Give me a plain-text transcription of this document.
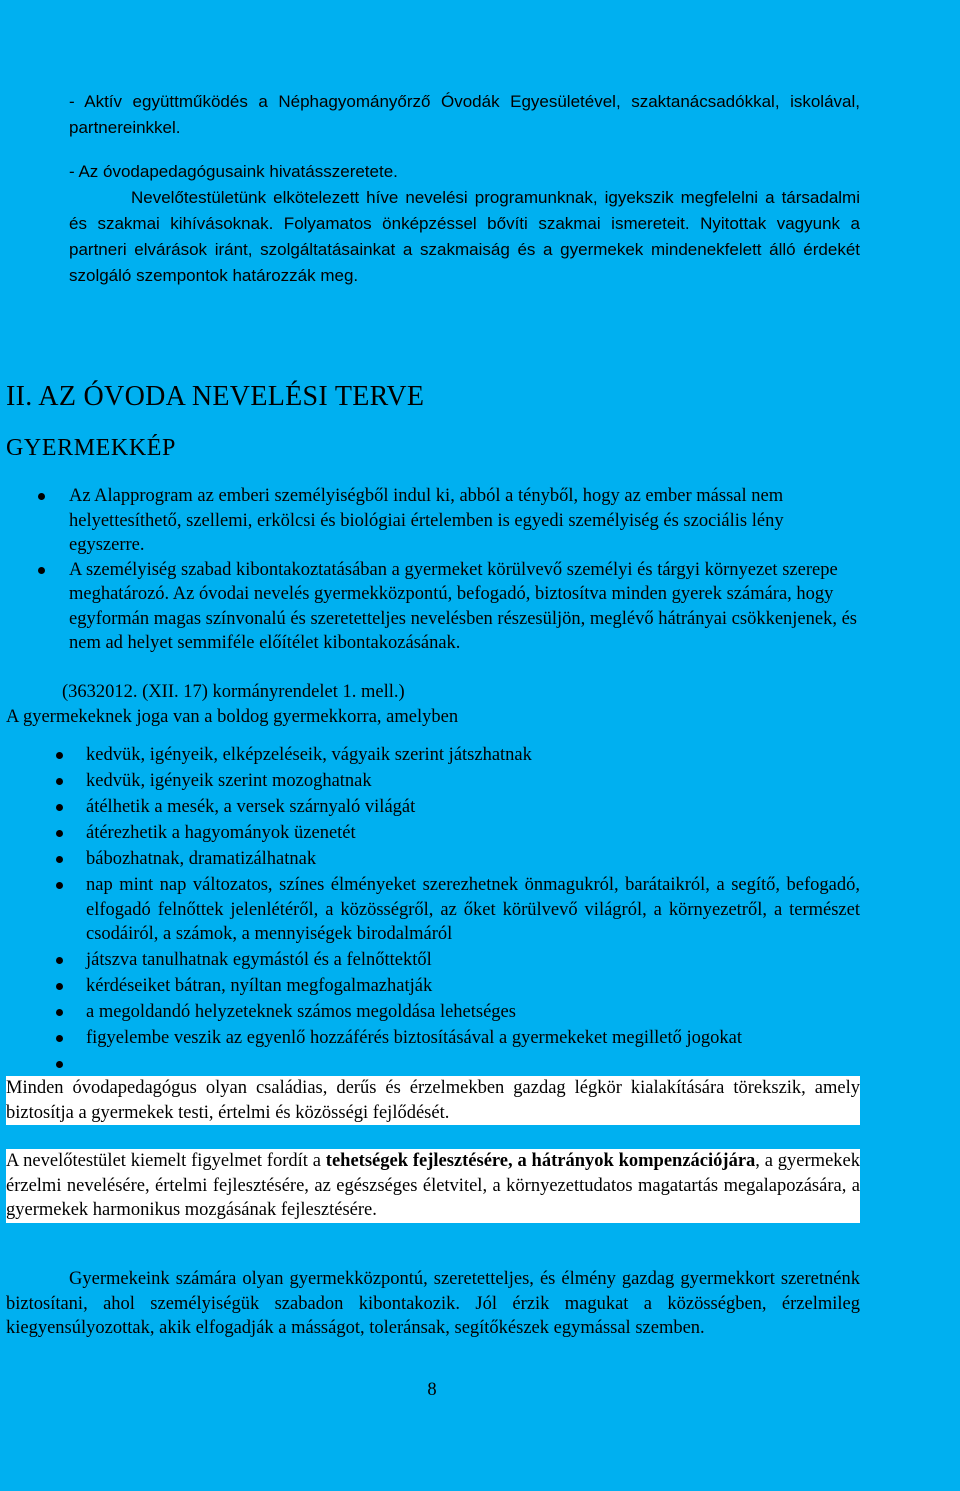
- Aktív együttműködés a Néphagyományőrző Óvodák Egyesületével, szaktanácsadókkal, iskolával, partnereinkkel.

- Az óvodapedagógusaink hivatásszeretete.

Nevelőtestületünk elkötelezett híve nevelési programunknak, igyekszik megfelelni a társadalmi és szakmai kihívásoknak. Folyamatos önképzéssel bővíti szakmai ismereteit. Nyitottak vagyunk a partneri elvárások iránt, szolgáltatásainkat a szakmaiság és a gyermekek mindenekfelett álló érdekét szolgáló szempontok határozzák meg.

II. AZ ÓVODA NEVELÉSI TERVE
GYERMEKKÉP
Az Alapprogram az emberi személyiségből indul ki, abból a tényből, hogy az ember mással nem helyettesíthető, szellemi, erkölcsi és biológiai értelemben is egyedi személyiség és szociális lény egyszerre.
A személyiség szabad kibontakoztatásában a gyermeket körülvevő személyi és tárgyi környezet szerepe meghatározó. Az óvodai nevelés gyermekközpontú, befogadó, biztosítva minden gyerek számára, hogy egyformán magas színvonalú és szeretetteljes nevelésben részesüljön, meglévő hátrányai csökkenjenek, és nem ad helyet semmiféle előítélet kibontakozásának.
(3632012. (XII. 17) kormányrendelet 1. mell.)
A gyermekeknek joga van a boldog gyermekkorra, amelyben
kedvük, igényeik, elképzeléseik, vágyaik szerint játszhatnak
kedvük, igényeik szerint mozoghatnak
átélhetik a mesék, a versek szárnyaló világát
átérezhetik a hagyományok üzenetét
bábozhatnak, dramatizálhatnak
nap mint nap változatos, színes élményeket szerezhetnek önmagukról, barátaikról, a segítő, befogadó, elfogadó felnőttek jelenlétéről, a közösségről, az őket körülvevő világról, a környezetről, a természet csodáiról, a számok, a mennyiségek birodalmáról
játszva tanulhatnak egymástól és a felnőttektől
kérdéseiket bátran, nyíltan megfogalmazhatják
a megoldandó helyzeteknek számos megoldása lehetséges
figyelembe veszik az egyenlő hozzáférés biztosításával a gyermekeket megillető jogokat

Minden óvodapedagógus olyan családias, derűs és érzelmekben gazdag légkör kialakítására törekszik, amely biztosítja a gyermekek testi, értelmi és közösségi fejlődését.

A nevelőtestület kiemelt figyelmet fordít a tehetségek fejlesztésére, a hátrányok kompenzációjára, a gyermekek érzelmi nevelésére, értelmi fejlesztésére, az egészséges életvitel, a környezettudatos magatartás megalapozására, a gyermekek harmonikus mozgásának fejlesztésére.

Gyermekeink számára olyan gyermekközpontú, szeretetteljes, és élmény gazdag gyermekkort szeretnénk biztosítani, ahol személyiségük szabadon kibontakozik. Jól érzik magukat a közösségben, érzelmileg kiegyensúlyozottak, akik elfogadják a másságot, toleránsak, segítőkészek egymással szemben.

8
